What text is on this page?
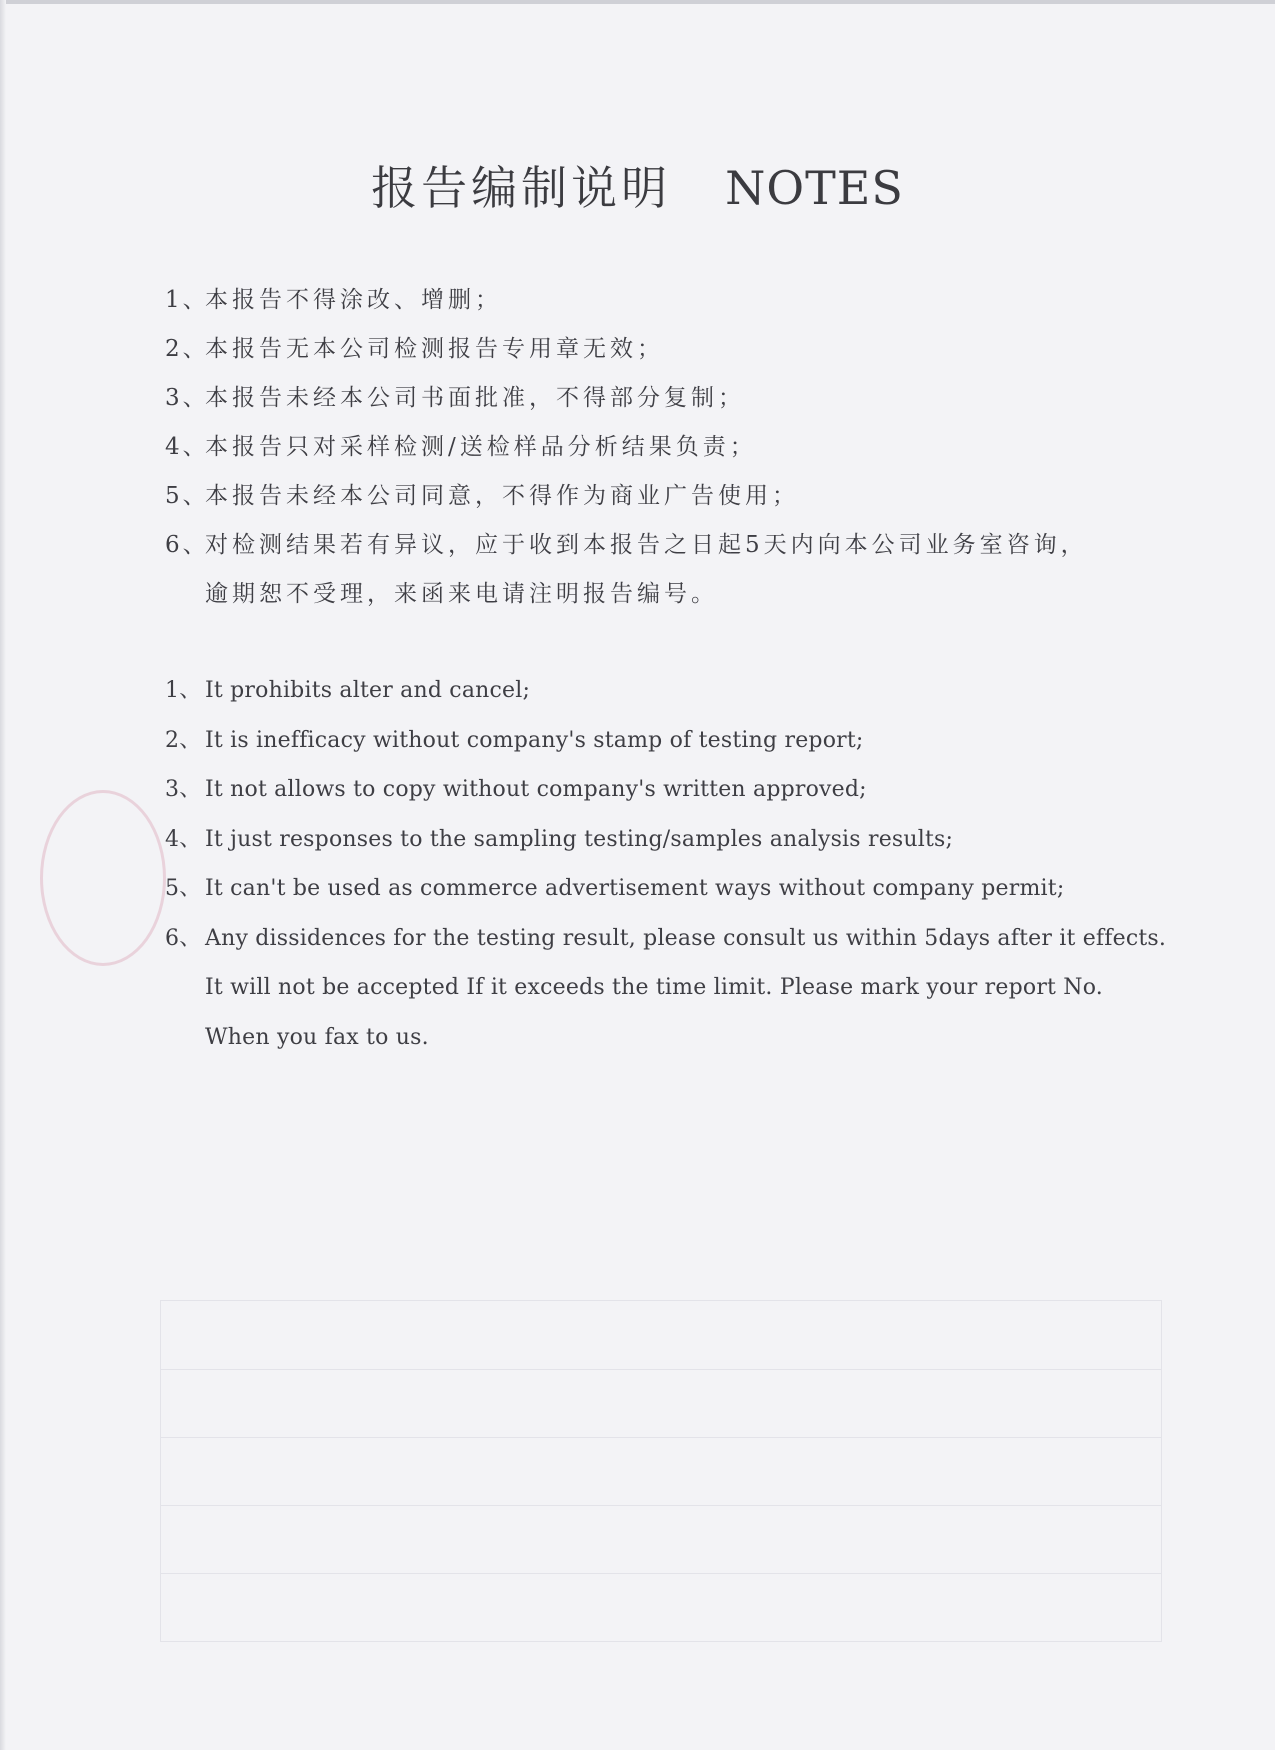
报告编制说明 NOTES
1、
本报告不得涂改、增删；
2、
本报告无本公司检测报告专用章无效；
3、
本报告未经本公司书面批准，不得部分复制；
4、
本报告只对采样检测/送检样品分析结果负责；
5、
本报告未经本公司同意，不得作为商业广告使用；
6、
对检测结果若有异议，应于收到本报告之日起5天内向本公司业务室咨询，
逾期恕不受理，来函来电请注明报告编号。
1、 It prohibits alter and cancel;
2、 It is inefficacy without company's stamp of testing report;
3、 It not allows to copy without company's written approved;
4、 It just responses to the sampling testing/samples analysis results;
5、 It can't be used as commerce advertisement ways without company permit;
6、 Any dissidences for the testing result, please consult us within 5days after it effects.
It will not be accepted If it exceeds the time limit. Please mark your report No.
When you fax to us.
